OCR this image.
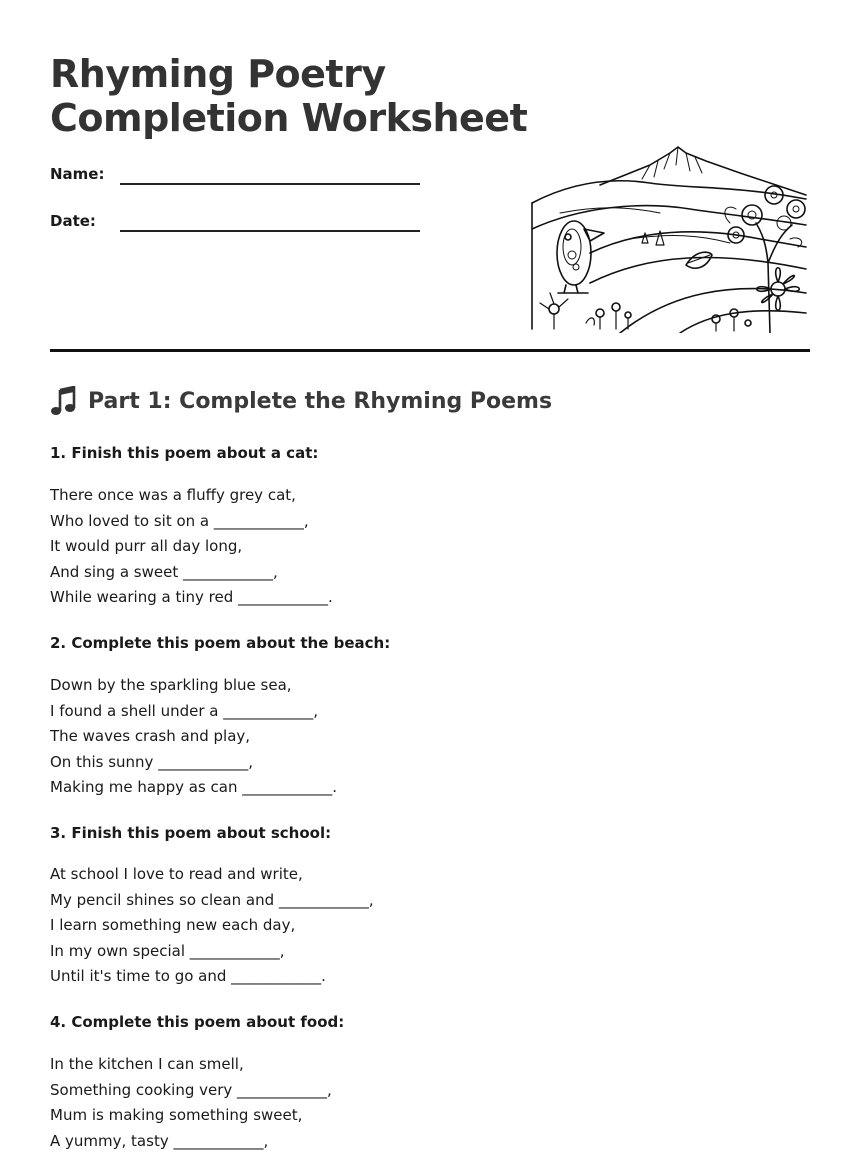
Rhyming Poetry
Completion Worksheet
Name:
Date:
Part 1: Complete the Rhyming Poems
1. Finish this poem about a cat:
There once was a fluffy grey cat,
Who loved to sit on a ____________,
It would purr all day long,
And sing a sweet ____________,
While wearing a tiny red ____________.
2. Complete this poem about the beach:
Down by the sparkling blue sea,
I found a shell under a ____________,
The waves crash and play,
On this sunny ____________,
Making me happy as can ____________.
3. Finish this poem about school:
At school I love to read and write,
My pencil shines so clean and ____________,
I learn something new each day,
In my own special ____________,
Until it's time to go and ____________.
4. Complete this poem about food:
In the kitchen I can smell,
Something cooking very ____________,
Mum is making something sweet,
A yummy, tasty ____________,
